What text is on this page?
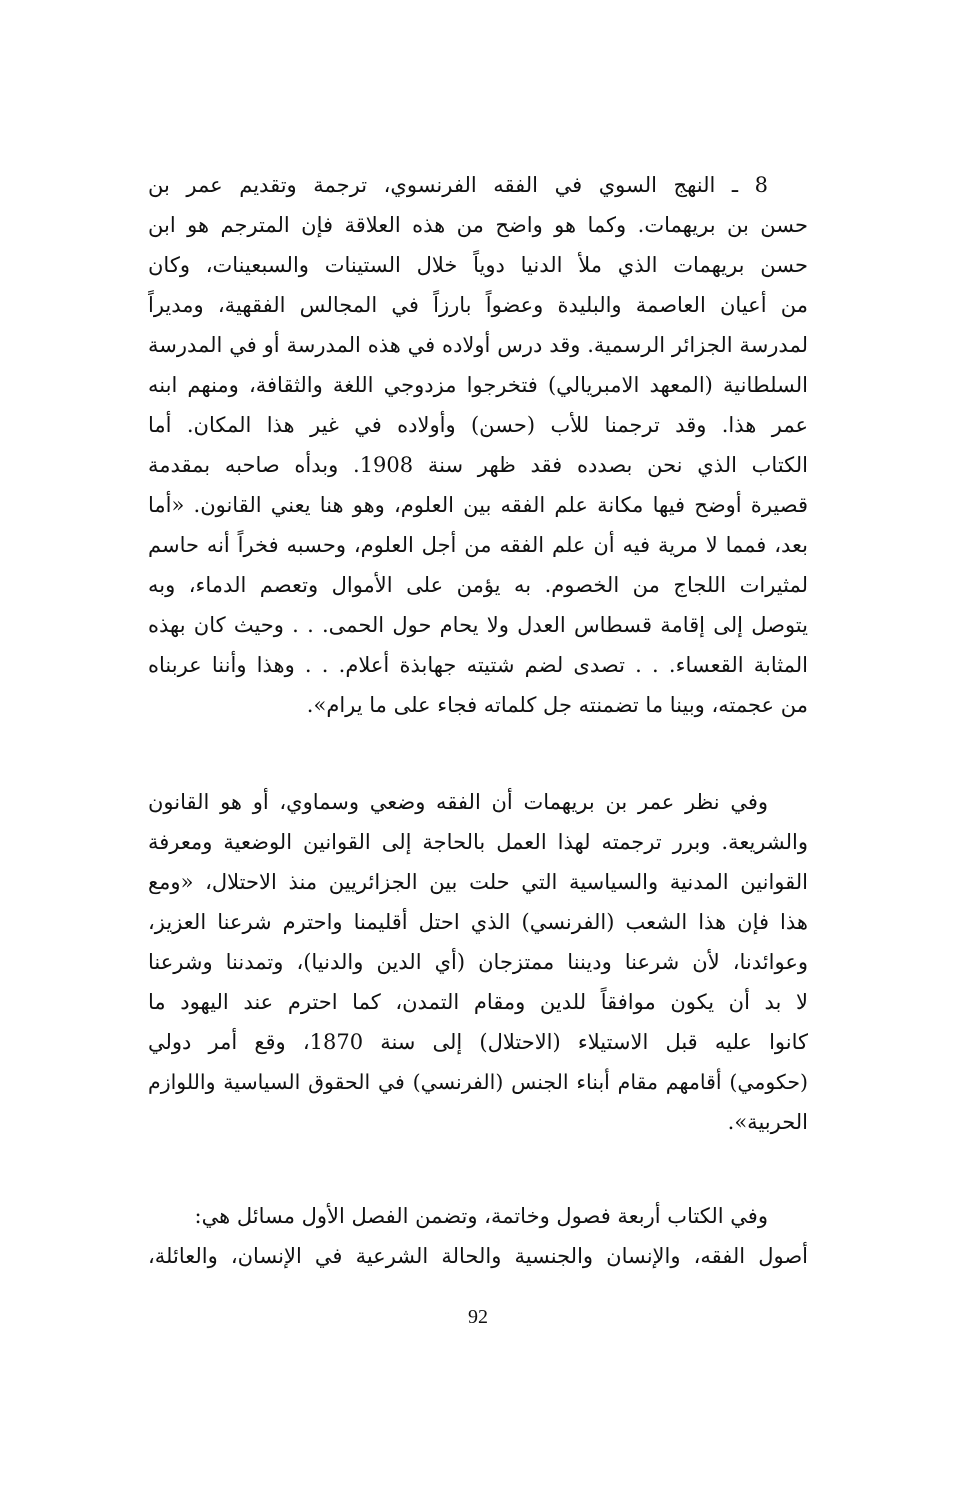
8 ـ النهج السوي في الفقه الفرنسوي، ترجمة وتقديم عمر بن
حسن بن بريهمات. وكما هو واضح من هذه العلاقة فإن المترجم هو ابن
حسن بريهمات الذي ملأ الدنيا دوياً خلال الستينات والسبعينات، وكان
من أعيان العاصمة والبليدة وعضواً بارزاً في المجالس الفقهية، ومديراً
لمدرسة الجزائر الرسمية. وقد درس أولاده في هذه المدرسة أو في المدرسة
السلطانية (المعهد الامبريالي) فتخرجوا مزدوجي اللغة والثقافة، ومنهم ابنه
عمر هذا. وقد ترجمنا للأب (حسن) وأولاده في غير هذا المكان. أما
الكتاب الذي نحن بصدده فقد ظهر سنة 1908. وبدأه صاحبه بمقدمة
قصيرة أوضح فيها مكانة علم الفقه بين العلوم، وهو هنا يعني القانون. «أما
بعد، فمما لا مرية فيه أن علم الفقه من أجل العلوم، وحسبه فخراً أنه حاسم
لمثيرات اللجاج من الخصوم. به يؤمن على الأموال وتعصم الدماء، وبه
يتوصل إلى إقامة قسطاس العدل ولا يحام حول الحمى. . . وحيث كان بهذه
المثابة القعساء. . . تصدى لضم شتيته جهابذة أعلام. . . وهذا وأننا عربناه
من عجمته، وبينا ما تضمنته جل كلماته فجاء على ما يرام».
وفي نظر عمر بن بريهمات أن الفقه وضعي وسماوي، أو هو القانون
والشريعة. وبرر ترجمته لهذا العمل بالحاجة إلى القوانين الوضعية ومعرفة
القوانين المدنية والسياسية التي حلت بين الجزائريين منذ الاحتلال، «ومع
هذا فإن هذا الشعب (الفرنسي) الذي احتل أقليمنا واحترم شرعنا العزيز،
وعوائدنا، لأن شرعنا وديننا ممتزجان (أي الدين والدنيا)، وتمدننا وشرعنا
لا بد أن يكون موافقاً للدين ومقام التمدن، كما احترم عند اليهود ما
كانوا عليه قبل الاستيلاء (الاحتلال) إلى سنة 1870، وقع أمر دولي
(حكومي) أقامهم مقام أبناء الجنس (الفرنسي) في الحقوق السياسية واللوازم
الحربية».
وفي الكتاب أربعة فصول وخاتمة، وتضمن الفصل الأول مسائل هي:
أصول الفقه، والإنسان والجنسية والحالة الشرعية في الإنسان، والعائلة،
92
